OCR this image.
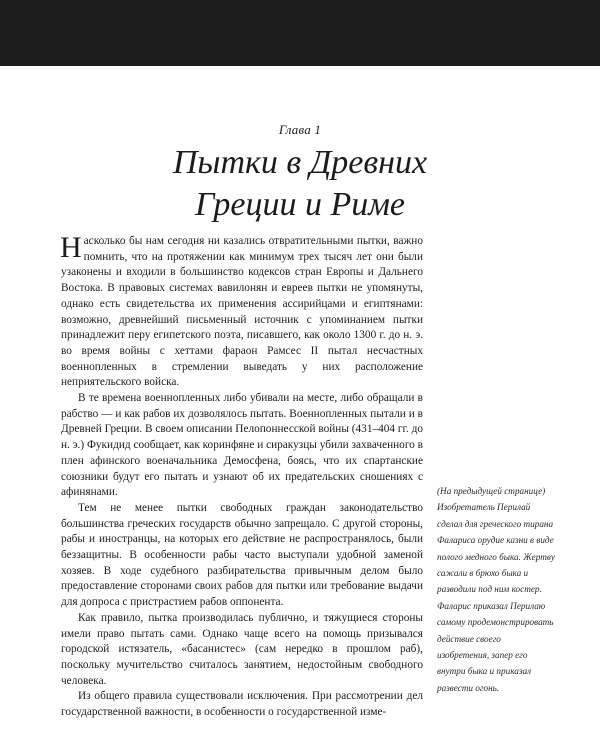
Глава 1
Пытки в Древних
Греции и Риме

Насколько бы нам сегодня ни казались отвратительными пытки, важно помнить, что на протяжении как минимум трех тысяч лет они были узаконены и входили в большинство кодексов стран Европы и Дальнего Востока. В правовых системах вавилонян и евреев пытки не упомянуты, однако есть свидетельства их применения ассирийцами и египтянами: возможно, древнейший письменный источник с упоминанием пытки принадлежит перу египетского поэта, писавшего, как около 1300 г. до н. э. во время войны с хеттами фараон Рамсес II пытал несчастных военнопленных в стремлении выведать у них расположение неприятельского войска.

В те времена военнопленных либо убивали на месте, либо обращали в рабство — и как рабов их дозволялось пытать. Военнопленных пытали и в Древней Греции. В своем описании Пелопоннесской войны (431–404 гг. до н. э.) Фукидид сообщает, как коринфяне и сиракузцы убили захваченного в плен афинского военачальника Демосфена, боясь, что их спартанские союзники будут его пытать и узнают об их предательских сношениях с афинянами.

Тем не менее пытки свободных граждан законодательство большинства греческих государств обычно запрещало. С другой стороны, рабы и иностранцы, на которых его действие не распространялось, были беззащитны. В особенности рабы часто выступали удобной заменой хозяев. В ходе судебного разбирательства привычным делом было предоставление сторонами своих рабов для пытки или требование выдачи для допроса с пристрастием рабов оппонента.

Как правило, пытка производилась публично, и тяжущиеся стороны имели право пытать сами. Однако чаще всего на помощь призывался городской истязатель, «басанистес» (сам нередко в прошлом раб), поскольку мучительство считалось занятием, недостойным свободного человека.

Из общего правила существовали исключения. При рассмотрении дел государственной важности, в особенности о государственной изме-

(На предыдущей странице) Изобретатель Перилай сделал для греческого тирана Фалариса орудие казни в виде полого медного быка. Жертву сажали в брюхо быка и разводили под ним костер. Фаларис приказал Перилаю самому продемонстрировать действие своего изобретения, запер его внутри быка и приказал развести огонь.
